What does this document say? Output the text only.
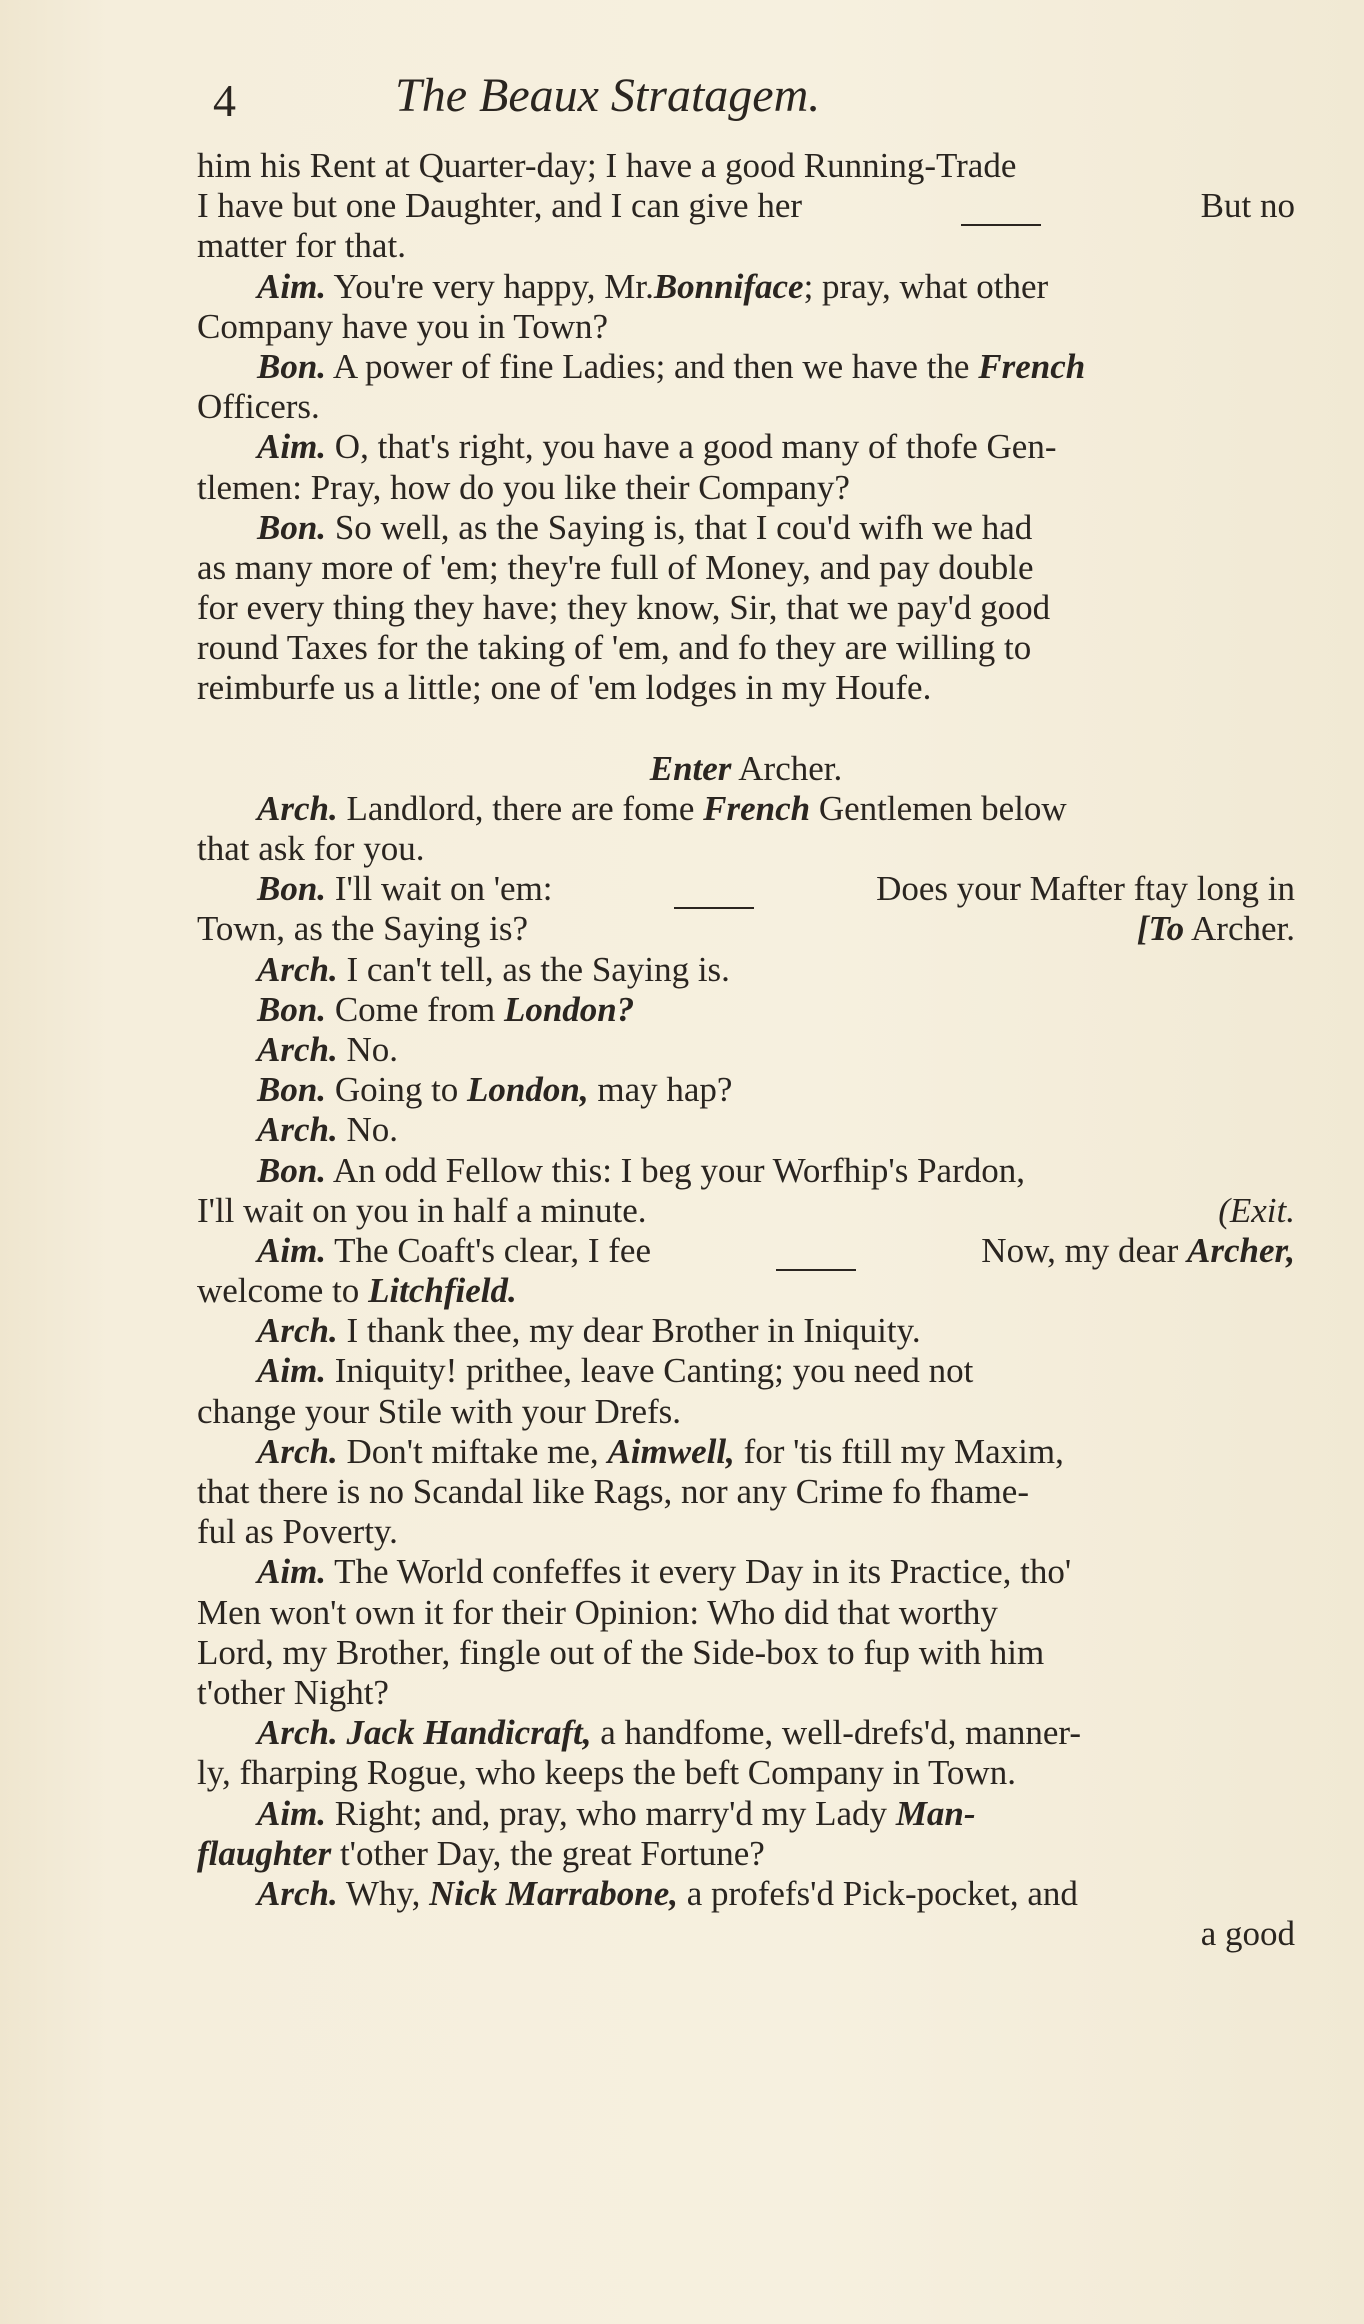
4	The Beaux Stratagem.
him his Rent at Quarter-day; I have a good Running-Trade
I have but one Daughter, and I can give her	But no
matter for that.
Aim. You're very happy, Mr.Bonniface; pray, what other
Company have you in Town?
Bon. A power of fine Ladies; and then we have the French
Officers.
Aim. O, that's right, you have a good many of thofe Gen-
tlemen: Pray, how do you like their Company?
Bon. So well, as the Saying is, that I cou'd wifh we had
as many more of 'em; they're full of Money, and pay double
for every thing they have; they know, Sir, that we pay'd good
round Taxes for the taking of 'em, and fo they are willing to
reimburfe us a little; one of 'em lodges in my Houfe.
Enter Archer.
Arch. Landlord, there are fome French Gentlemen below
that ask for you.
Bon. I'll wait on 'em:	Does your Mafter ftay long in
Town, as the Saying is?	[To Archer.
Arch. I can't tell, as the Saying is.
Bon. Come from London?
Arch. No.
Bon. Going to London, may hap?
Arch. No.
Bon. An odd Fellow this: I beg your Worfhip's Pardon,
I'll wait on you in half a minute.	(Exit.
Aim. The Coaft's clear, I fee	Now, my dear Archer,
welcome to Litchfield.
Arch. I thank thee, my dear Brother in Iniquity.
Aim. Iniquity! prithee, leave Canting; you need not
change your Stile with your Drefs.
Arch. Don't miftake me, Aimwell, for 'tis ftill my Maxim,
that there is no Scandal like Rags, nor any Crime fo fhame-
ful as Poverty.
Aim. The World confeffes it every Day in its Practice, tho'
Men won't own it for their Opinion: Who did that worthy
Lord, my Brother, fingle out of the Side-box to fup with him
t'other Night?
Arch. Jack Handicraft, a handfome, well-drefs'd, manner-
ly, fharping Rogue, who keeps the beft Company in Town.
Aim. Right; and, pray, who marry'd my Lady Man-
flaughter t'other Day, the great Fortune?
Arch. Why, Nick Marrabone, a profefs'd Pick-pocket, and
a good
